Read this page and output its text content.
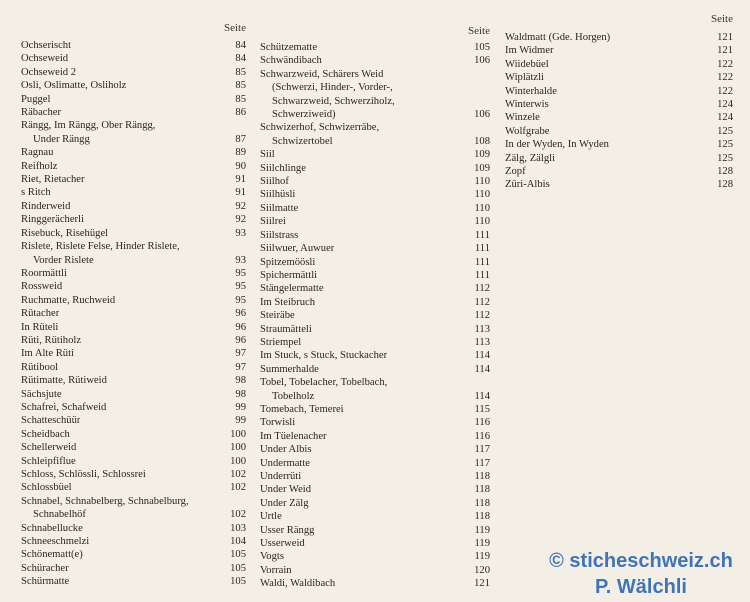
Seite
Ochserischt	84
Ochseweid	84
Ochseweid 2	85
Osli, Oslimatte, Osliholz	85
Puggel	85
Räbacher	86
Rängg, Im Rängg, Ober Rängg,
Under Rängg	87
Ragnau	89
Reifholz	90
Riet, Rietacher	91
s Ritch	91
Rinderweid	92
Ringgerächerli	92
Risebuck, Risehügel	93
Rislete, Rislete Felse, Hinder Rislete,
Vorder Rislete	93
Roormättli	95
Rossweid	95
Ruchmatte, Ruchweid	95
Rütacher	96
In Rüteli	96
Rüti, Rütiholz	96
Im Alte Rüti	97
Rütibool	97
Rütimatte, Rütiweid	98
Sächsjute	98
Schafrei, Schafweid	99
Schatteschüür	99
Scheidbach	100
Schellerweid	100
Schleipfiflue	100
Schloss, Schlössli, Schlossrei	102
Schlossbüel	102
Schnabel, Schnabelberg, Schnabelburg,
Schnabelhöf	102
Schnabellucke	103
Schneeschmelzi	104
Schönematt(e)	105
Schüracher	105
Schürmatte	105
Seite
Schützematte	105
Schwändibach	106
Schwarzweid, Schärers Weid
(Schwerzi, Hinder-, Vorder-,
Schwarzweid, Schwerziholz,
Schwerziweid)	106
Schwizerhof, Schwizerräbe,
Schwizertobel	108
Siil	109
Siilchlinge	109
Siilhof	110
Siilhüsli	110
Siilmatte	110
Siilrei	110
Siilstrass	111
Siilwuer, Auwuer	111
Spitzemöösli	111
Spichermättli	111
Stängelermatte	112
Im Steibruch	112
Steiräbe	112
Straumätteli	113
Striempel	113
Im Stuck, s Stuck, Stuckacher	114
Summerhalde	114
Tobel, Tobelacher, Tobelbach,
Tobelholz	114
Tomebach, Temerei	115
Torwisli	116
Im Tüelenacher	116
Under Albis	117
Undermatte	117
Underrüti	118
Under Weid	118
Under Zälg	118
Urtle	118
Usser Rängg	119
Usserweid	119
Vogts	119
Vorrain	120
Waldi, Waldibach	121
Seite
Waldmatt (Gde. Horgen)	121
Im Widmer	121
Wiidebüel	122
Wiplätzli	122
Winterhalde	122
Winterwis	124
Winzele	124
Wolfgrabe	125
In der Wyden, In Wyden	125
Zälg, Zälgli	125
Zopf	128
Züri-Albis	128
© sticheschweiz.ch
P. Wälchli
